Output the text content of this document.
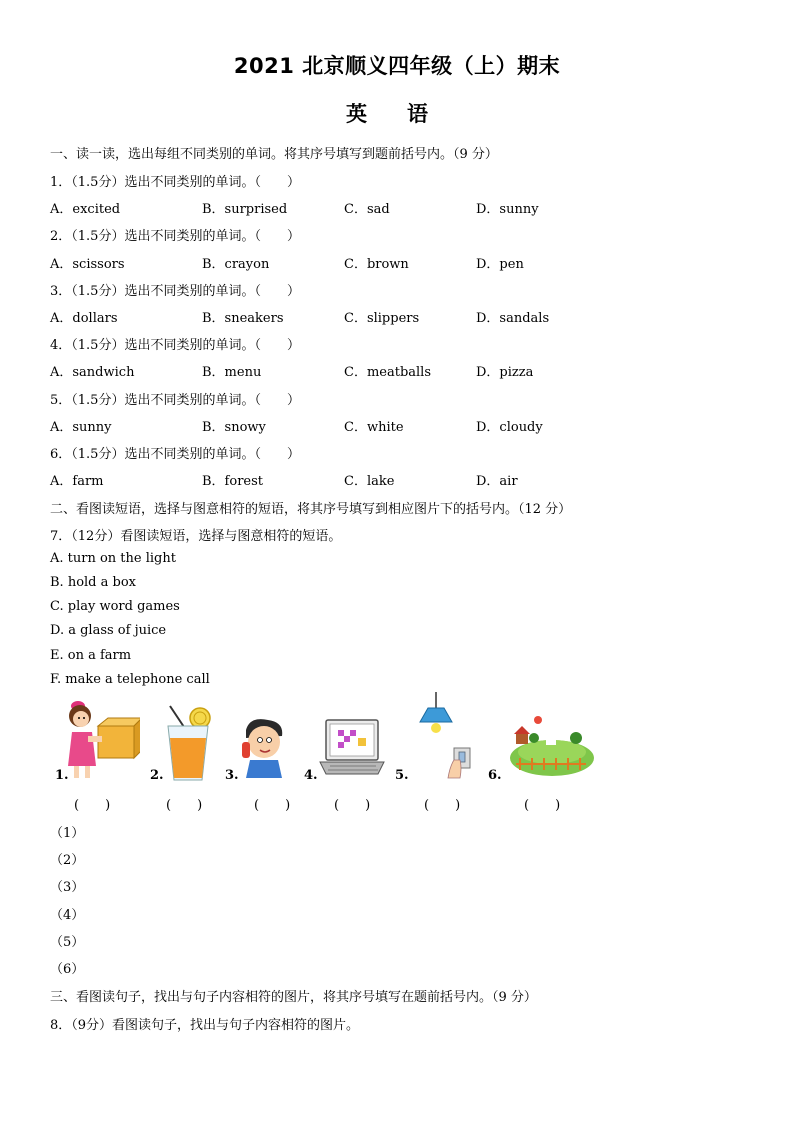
2021 北京顺义四年级（上）期末
英语
一、读一读，选出每组不同类别的单词。将其序号填写到题前括号内。（9 分）
1．（1.5分）选出不同类别的单词。（　　）
A．excited	B．surprised	C．sad	D．sunny
2．（1.5分）选出不同类别的单词。（　　）
A．scissors	B．crayon	C．brown	D．pen
3．（1.5分）选出不同类别的单词。（　　）
A．dollars	B．sneakers	C．slippers	D．sandals
4．（1.5分）选出不同类别的单词。（　　）
A．sandwich	B．menu	C．meatballs	D．pizza
5．（1.5分）选出不同类别的单词。（　　）
A．sunny	B．snowy	C．white	D．cloudy
6．（1.5分）选出不同类别的单词。（　　）
A．farm	B．forest	C．lake	D．air
二、看图读短语，选择与图意相符的短语，将其序号填写到相应图片下的括号内。（12 分）
7．（12分）看图读短语，选择与图意相符的短语。
A. turn on the light
B. hold a box
C. play word games
D. a glass of juice
E. on a farm
F. make a telephone call
1.	2.	3.	4.	5.	6.
(　　)	(　　)	(　　)	(　　)	(　　)	(　　)
（1）
（2）
（3）
（4）
（5）
（6）
三、看图读句子，找出与句子内容相符的图片，将其序号填写在题前括号内。（9 分）
8．（9分）看图读句子，找出与句子内容相符的图片。
